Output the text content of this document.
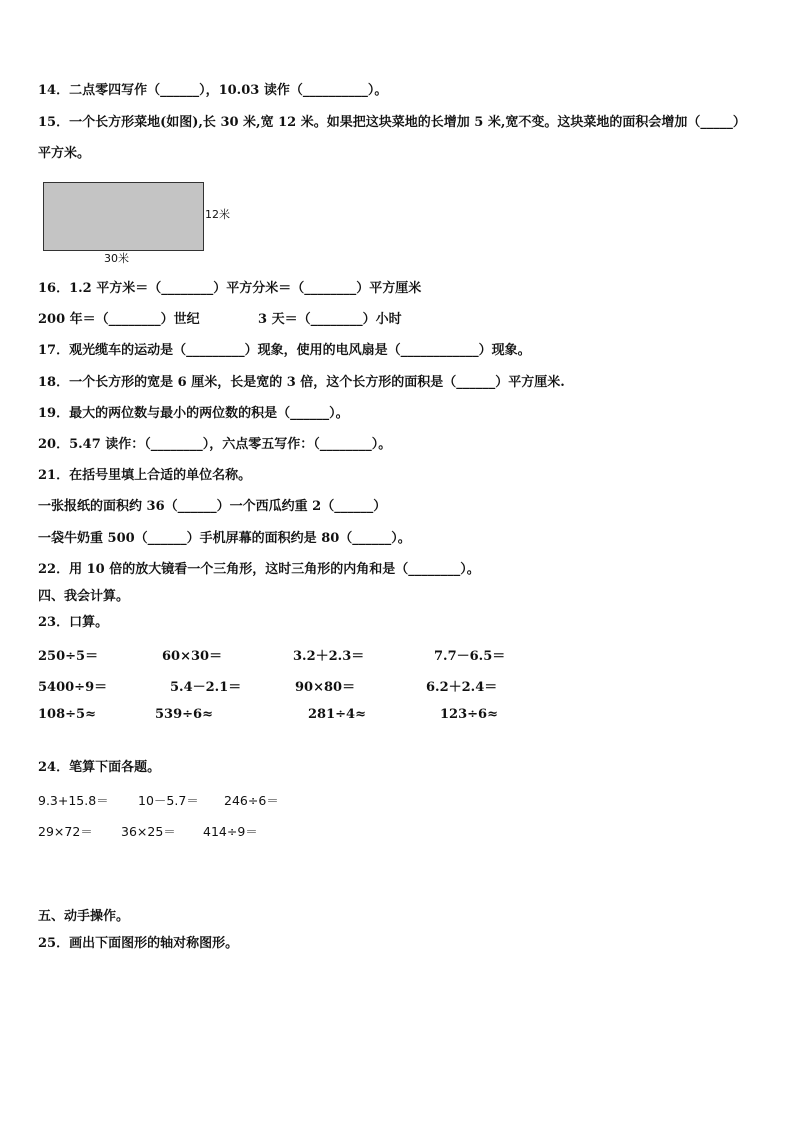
14．二点零四写作（______），10.03 读作（__________）。
15．一个长方形菜地(如图),长 30 米,宽 12 米。如果把这块菜地的长增加 5 米,宽不变。这块菜地的面积会增加（_____）
平方米。
12米
30米
16．1.2 平方米＝（________）平方分米＝（________）平方厘米
200 年＝（________）世纪	3 天＝（________）小时
17．观光缆车的运动是（_________）现象，使用的电风扇是（____________）现象。
18．一个长方形的宽是 6 厘米，长是宽的 3 倍，这个长方形的面积是（______）平方厘米.
19．最大的两位数与最小的两位数的积是（______）。
20．5.47 读作：（________），六点零五写作：（________）。
21．在括号里填上合适的单位名称。
一张报纸的面积约 36（______）一个西瓜约重 2（______）
一袋牛奶重 500（______）手机屏幕的面积约是 80（______）。
22．用 10 倍的放大镜看一个三角形，这时三角形的内角和是（________）。
四、我会计算。
23．口算。
250÷5＝	60×30＝	3.2＋2.3＝	7.7－6.5＝
5400÷9＝	5.4－2.1＝	90×80＝	6.2＋2.4＝
108÷5≈	539÷6≈	281÷4≈	123÷6≈
24．笔算下面各题。
9.3+15.8＝ 10－5.7＝ 246÷6＝
29×72＝ 36×25＝ 414÷9＝
五、动手操作。
25．画出下面图形的轴对称图形。
